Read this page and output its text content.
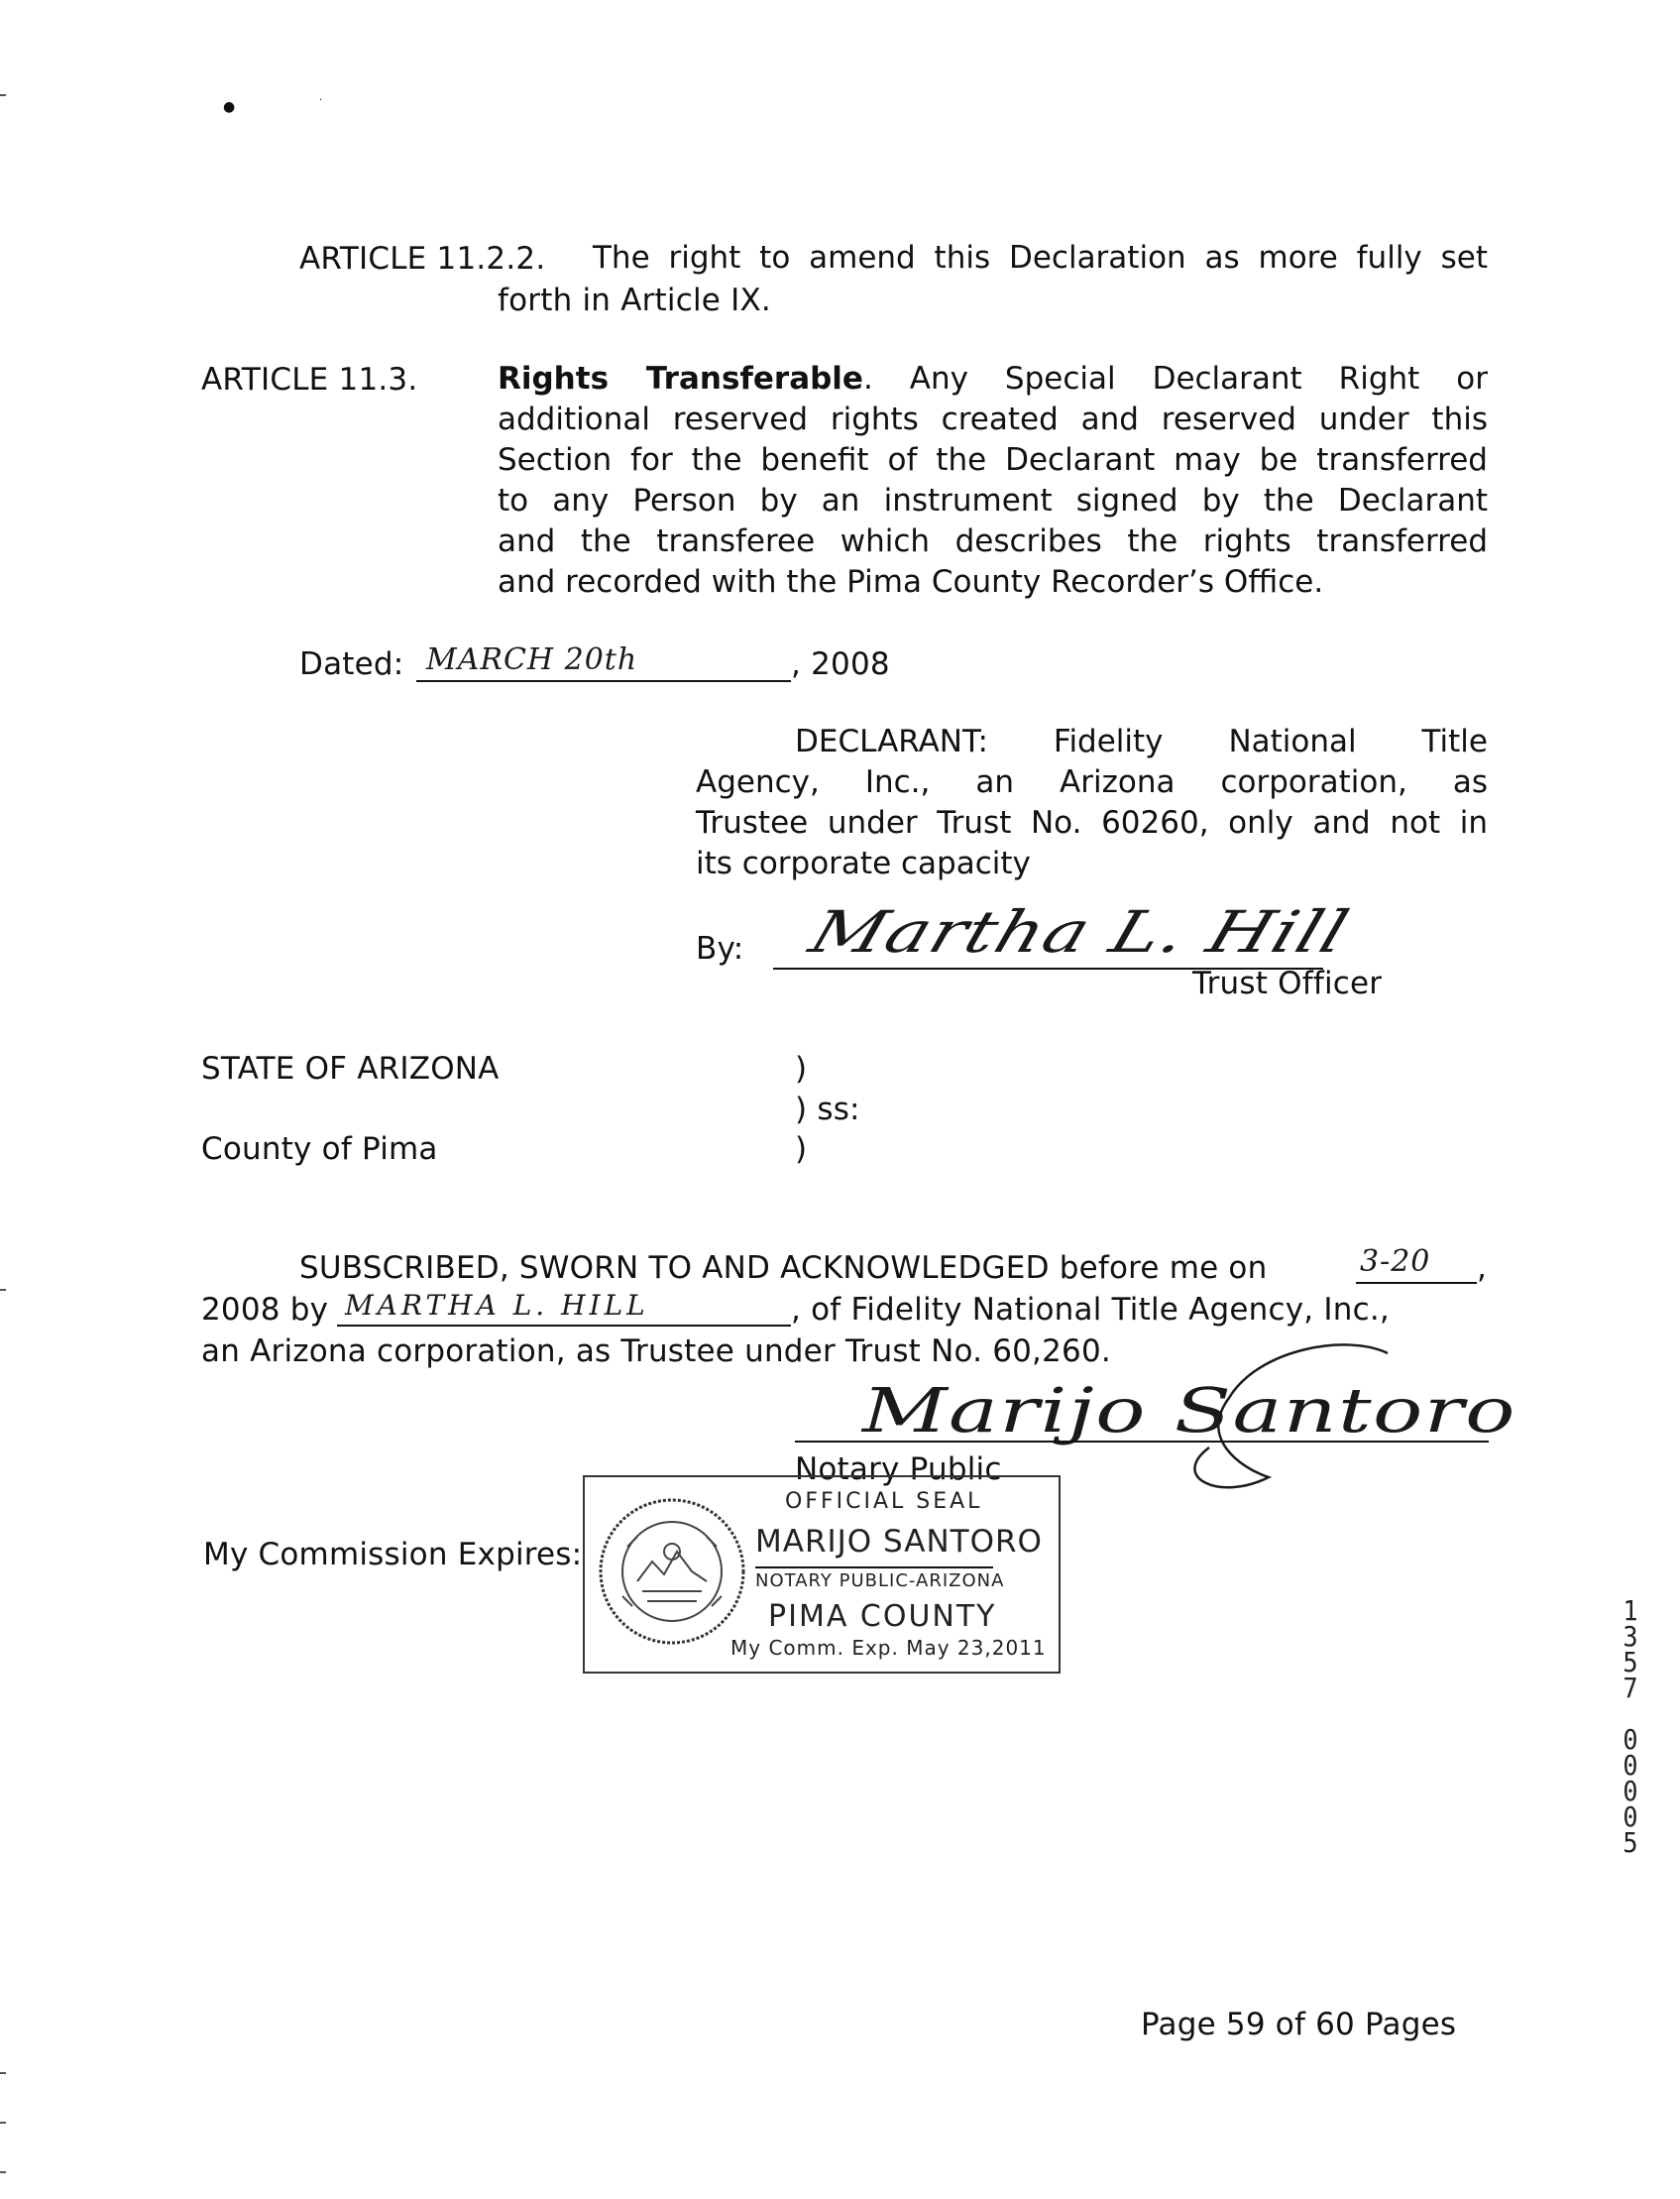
●	·
ARTICLE 11.2.2. The right to amend this Declaration as more fully set
forth in Article IX.
ARTICLE 11.3.	Rights Transferable. Any Special Declarant Right or
additional reserved rights created and reserved under this
Section for the benefit of the Declarant may be transferred
to any Person by an instrument signed by the Declarant
and the transferee which describes the rights transferred
and recorded with the Pima County Recorder’s Office.
Dated: MARCH 20th	, 2008
DECLARANT: Fidelity National Title
Agency, Inc., an Arizona corporation, as
Trustee under Trust No. 60260, only and not in
its corporate capacity
By: Martha L. Hill
Trust Officer
STATE OF ARIZONA	)
) ss:
County of Pima	)
SUBSCRIBED, SWORN TO AND ACKNOWLEDGED before me on	3-20 ,
2008 by MARTHA L. HILL	, of Fidelity National Title Agency, Inc.,
an Arizona corporation, as Trustee under Trust No. 60,260.
Marijo Santoro
Notary Public
My Commission Expires:
OFFICIAL SEAL
MARIJO SANTORO
NOTARY PUBLIC-ARIZONA
PIMA COUNTY
My Comm. Exp. May 23,2011
1
3
5
7
0
0
0
0
5
Page 59 of 60 Pages
